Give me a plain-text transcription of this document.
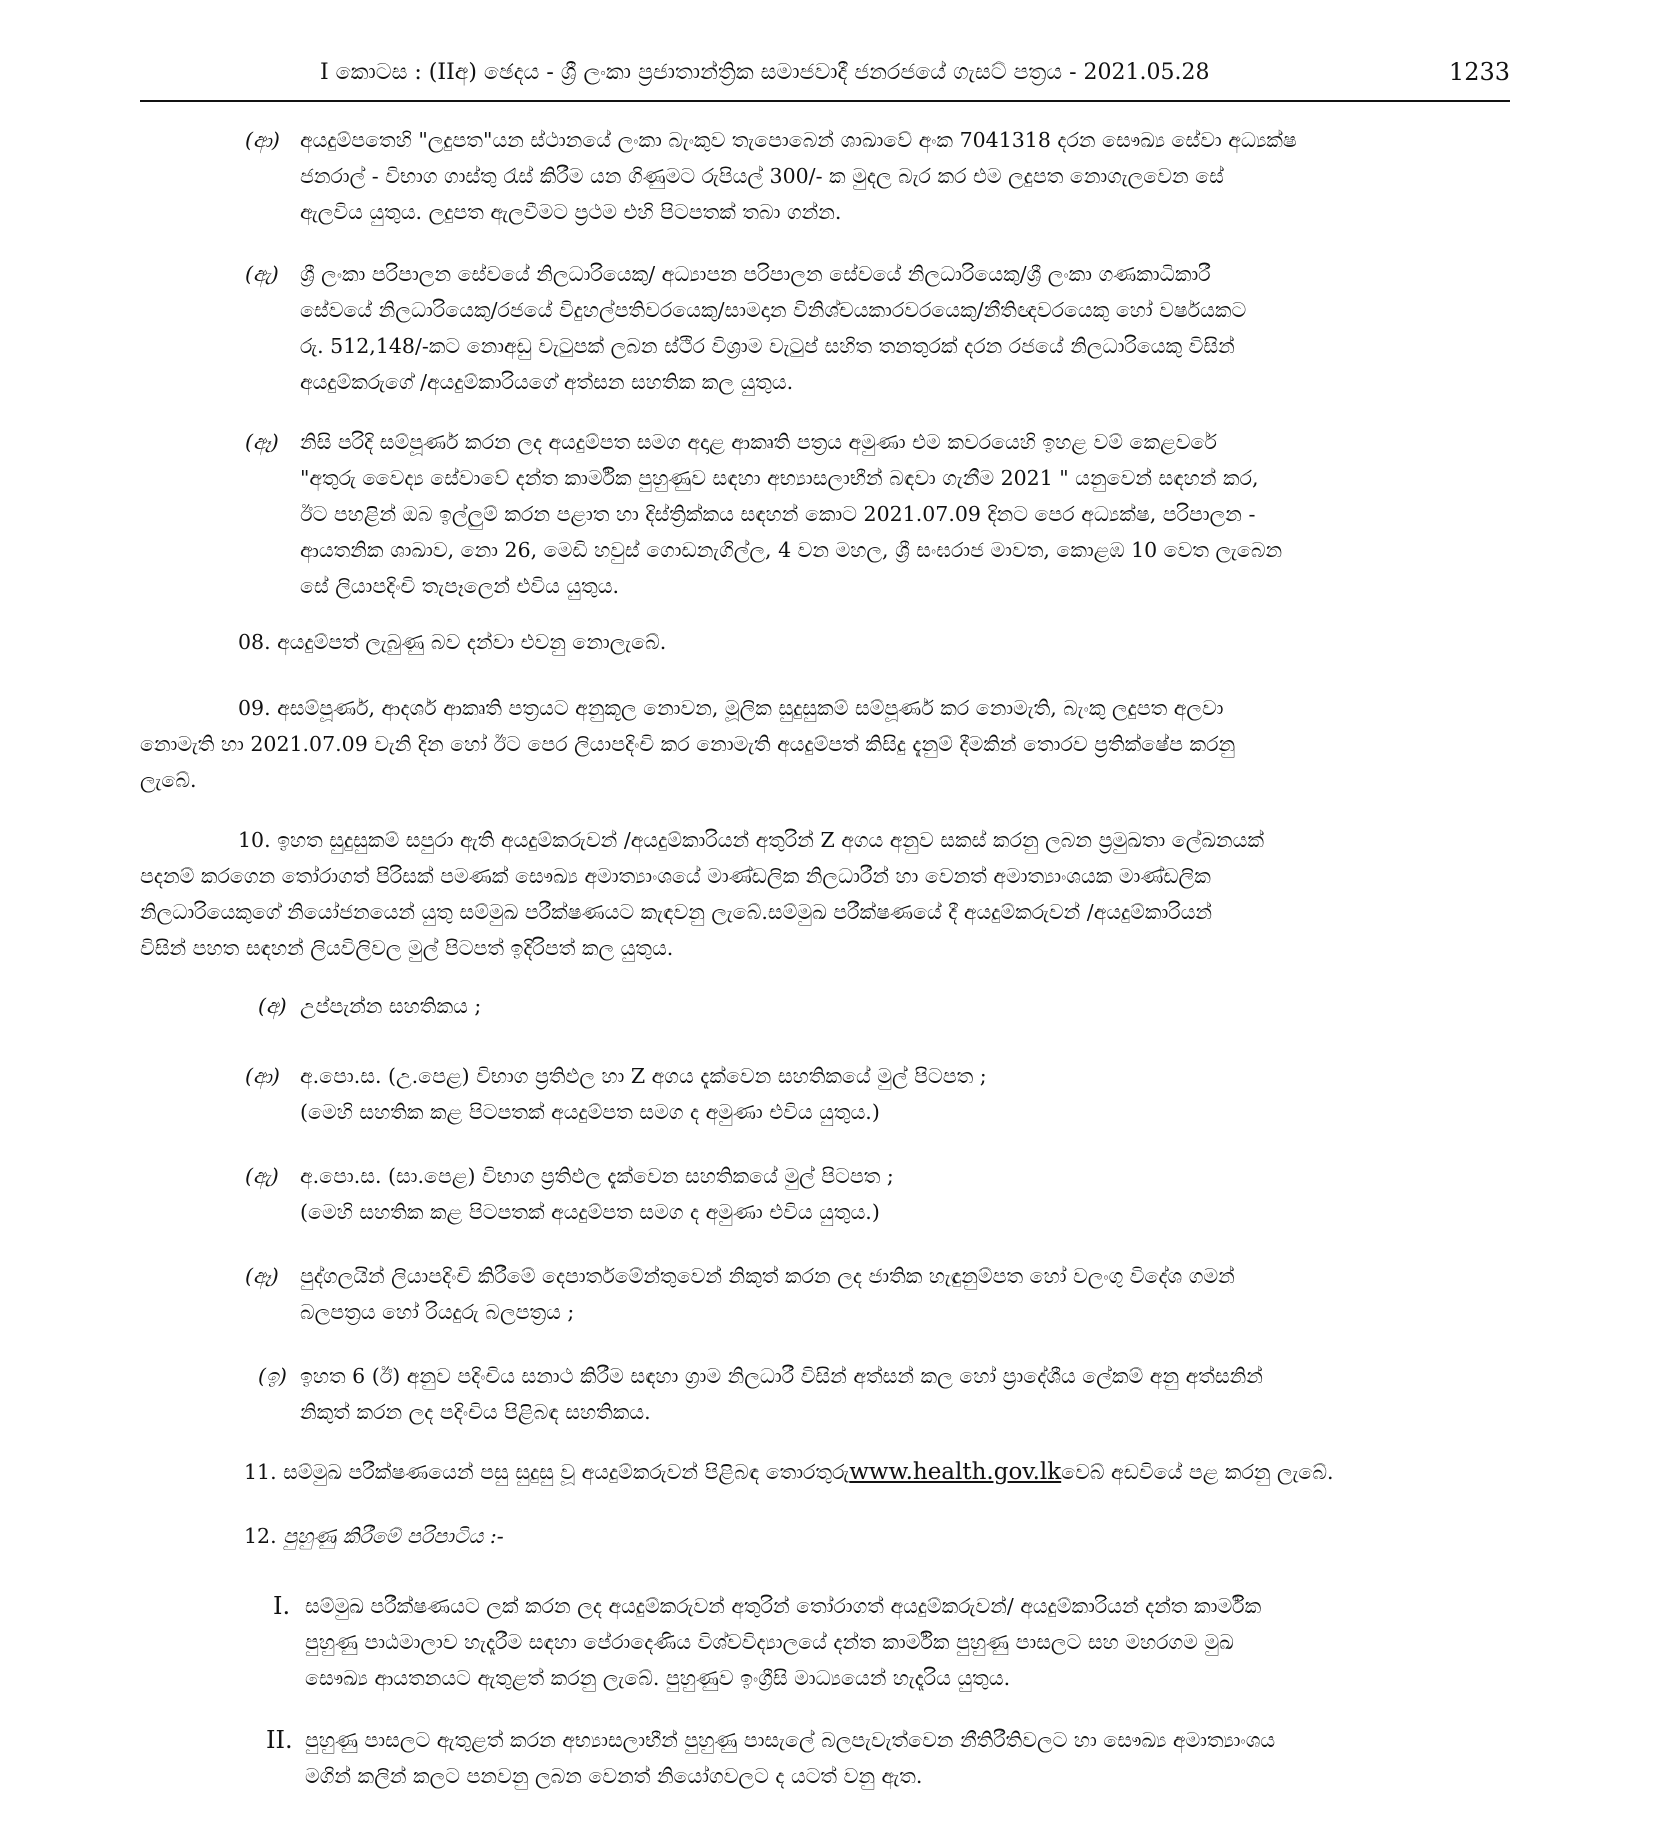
I කොටස : (IIඅ) ඡෙදය - ශ්‍රී ලංකා ප්‍රජාතාන්ත්‍රික සමාජවාදී ජනරජයේ ගැසට් පත්‍රය - 2021.05.28	1233
(ආ) අයදුම්පතෙහි "ලදුපත"යන ස්ථානයේ ලංකා බැංකුව තැපොබෙන් ශාඛාවේ අංක 7041318 දරන සෞඛ්‍ය සේවා අධ්‍යක්ෂ
ජනරාල් - විභාග ගාස්තු රැස් කිරීම යන ගිණුමට රුපියල් 300/- ක මුදල බැර කර එම ලදුපත නොගැලවෙන සේ
ඇලවිය යුතුය. ලදුපත ඇලවීමට ප්‍රථම එහි පිටපතක් තබා ගන්න.
(ඇ) ශ්‍රී ලංකා පරිපාලන සේවයේ නිලධාරියෙකු/ අධ්‍යාපන පරිපාලන සේවයේ නිලධාරියෙකු/ශ්‍රී ලංකා ගණකාධිකාරී
සේවයේ නිලධාරියෙකු/රජයේ විදුහල්පතිවරයෙකු/සාමදාන විනිශ්චයකාරවරයෙකු/නීතිඥවරයෙකු හෝ වර්ෂයකට
රු. 512,148/-කට නොඅඩු වැටුපක් ලබන ස්ථිර විශ්‍රාම වැටුප් සහිත තනතුරක් දරන රජයේ නිලධාරියෙකු විසින්
අයදුම්කරුගේ /අයදුම්කාරියගේ අත්සන සහතික කල යුතුය.
(ඈ) නිසි පරිදි සම්පූර්ණ කරන ලද අයදුම්පත සමග අදාළ ආකෘති පත්‍රය අමුණා එම කවරයෙහි ඉහළ වම් කෙළවරේ
"අතුරු වෛද්‍ය සේවාවේ දන්ත කාර්මික පුහුණුව සඳහා අභ්‍යාසලාභීන් බඳවා ගැනීම 2021 " යනුවෙන් සඳහන් කර,
ඊට පහළින් ඔබ ඉල්ලුම් කරන පළාත හා දිස්ත්‍රික්කය සඳහන් කොට 2021.07.09 දිනට පෙර අධ්‍යක්ෂ, පරිපාලන -
ආයතනික ශාඛාව, නො 26, මෙඩි හවුස් ගොඩනැගිල්ල, 4 වන මහල, ශ්‍රී සංඝරාජ මාවත, කොළඹ 10 වෙත ලැබෙන
සේ ලියාපදිංචි තැපෑලෙන් එවිය යුතුය.
08. අයදුම්පත් ලැබුණු බව දන්වා එවනු නොලැබේ.
09. අසම්පූර්ණ, ආදර්ශ ආකෘති පත්‍රයට අනුකූල නොවන, මූලික සුදුසුකම් සම්පූර්ණ කර නොමැති, බැංකු ලදුපත අලවා
නොමැති හා 2021.07.09 වැනි දින හෝ ඊට පෙර ලියාපදිංචි කර නොමැති අයදුම්පත් කිසිදු දැනුම් දීමකින් තොරව ප්‍රතික්ෂේප කරනු
ලැබේ.
10. ඉහත සුදුසුකම් සපුරා ඇති අයදුම්කරුවන් /අයදුම්කාරියන් අතුරින් Z අගය අනුව සකස් කරනු ලබන ප්‍රමුඛතා ලේඛනයක්
පදනම් කරගෙන තෝරාගත් පිරිසක් පමණක් සෞඛ්‍ය අමාත්‍යාංශයේ මාණ්ඩලික නිලධාරීන් හා වෙනත් අමාත්‍යාංශයක මාණ්ඩලික
නිලධාරියෙකුගේ නියෝජනයෙන් යුතු සම්මුඛ පරීක්ෂණයට කැඳවනු ලැබේ.සම්මුඛ පරීක්ෂණයේ දී අයදුම්කරුවන් /අයදුම්කාරියන්
විසින් පහත සඳහන් ලියවිලිවල මුල් පිටපත් ඉදිරිපත් කල යුතුය.
(අ) උප්පැන්න සහතිකය ;
(ආ) අ.පො.ස. (උ.පෙළ) විභාග ප්‍රතිඵල හා Z අගය දැක්වෙන සහතිකයේ මුල් පිටපත ;
(මෙහි සහතික කළ පිටපතක් අයදුම්පත සමග ද අමුණා එවිය යුතුය.)
(ඇ) අ.පො.ස. (සා.පෙළ) විභාග ප්‍රතිඵල දැක්වෙන සහතිකයේ මුල් පිටපත ;
(මෙහි සහතික කළ පිටපතක් අයදුම්පත සමග ද අමුණා එවිය යුතුය.)
(ඈ) පුද්ගලයින් ලියාපදිංචි කිරීමේ දෙපාර්තමේන්තුවෙන් නිකුත් කරන ලද ජාතික හැඳුනුම්පත හෝ වලංගු විදේශ ගමන්
බලපත්‍රය හෝ රියදුරු බලපත්‍රය ;
(ඉ) ඉහත 6 (ඊ) අනුව පදිංචිය සනාථ කිරීම සඳහා ග්‍රාම නිලධාරී විසින් අත්සන් කල හෝ ප්‍රාදේශීය ලේකම් අනු අත්සනින්
නිකුත් කරන ලද පදිංචිය පිළිබඳ සහතිකය.
11. සම්මුඛ පරීක්ෂණයෙන් පසු සුදුසු වූ අයදුම්කරුවන් පිළිබඳ තොරතුරුwww.health.gov.lkවෙබ් අඩවියේ පළ කරනු ලැබේ.
12. පුහුණු කිරීමේ පරිපාටිය :-
I. සම්මුඛ පරීක්ෂණයට ලක් කරන ලද අයදුම්කරුවන් අතුරින් තෝරාගත් අයදුම්කරුවන්/ අයදුම්කාරියන් දන්ත කාර්මික
පුහුණු පාඨමාලාව හැදෑරීම සඳහා පේරාදෙණිය විශ්වවිද්‍යාලයේ දන්ත කාර්මික පුහුණු පාසලට සහ මහරගම මුඛ
සෞඛ්‍ය ආයතනයට ඇතුළත් කරනු ලැබේ. පුහුණුව ඉංග්‍රීසි මාධ්‍යයෙන් හැදෑරිය යුතුය.
II. පුහුණු පාසලට ඇතුළත් කරන අභ්‍යාසලාභීන් පුහුණු පාසැලේ බලපැවැත්වෙන නීතිරීතිවලට හා සෞඛ්‍ය අමාත්‍යාංශය
මගින් කලින් කලට පනවනු ලබන වෙනත් නියෝගවලට ද යටත් වනු ඇත.
